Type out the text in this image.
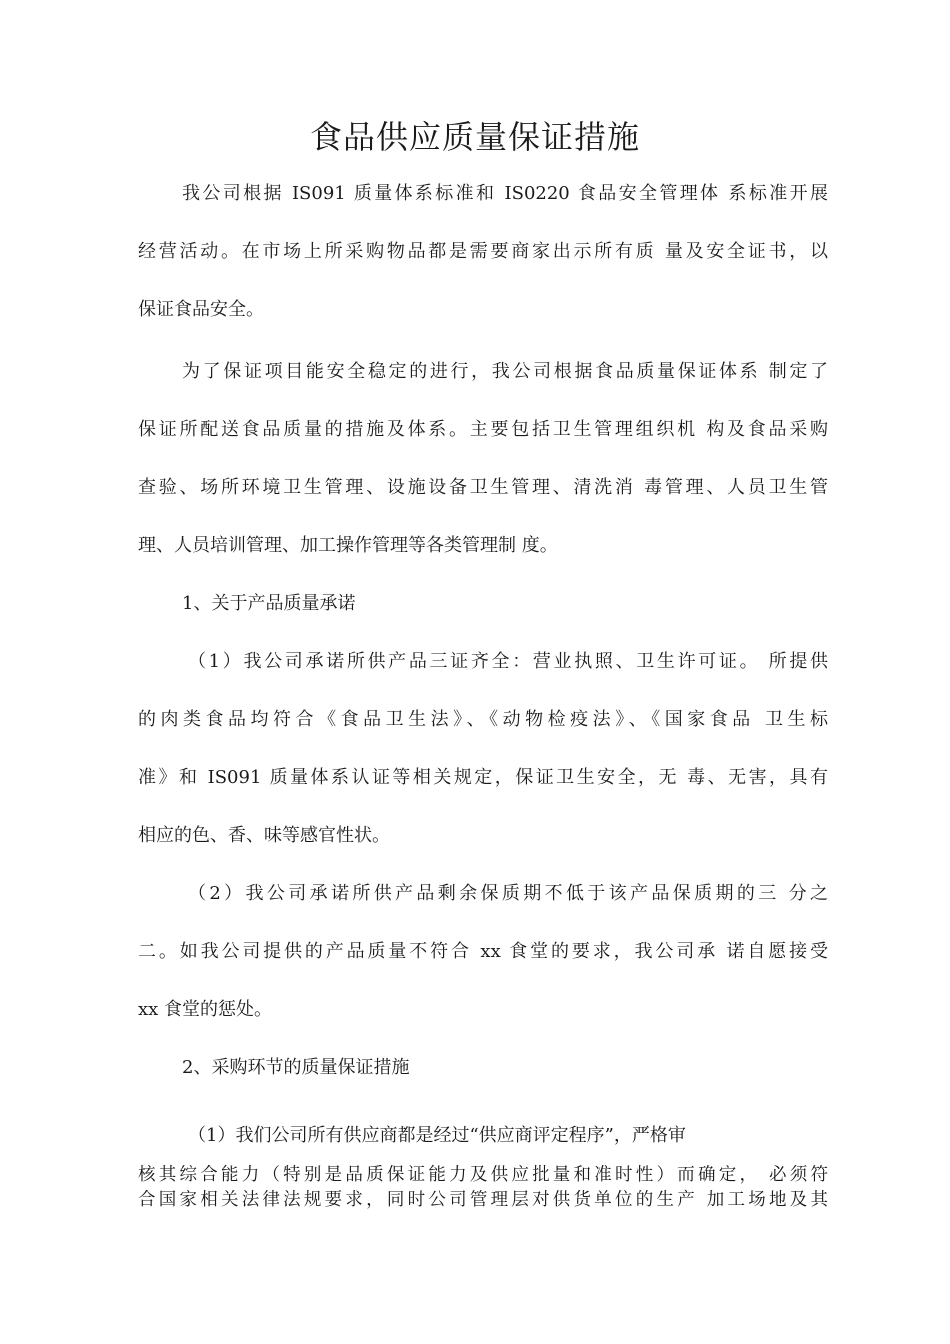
食品供应质量保证措施
我公司根据 IS091 质量体系标准和 IS0220 食品安全管理体 系标准开展
经营活动。在市场上所采购物品都是需要商家出示所有质 量及安全证书，以
保证食品安全。
为了保证项目能安全稳定的进行，我公司根据食品质量保证体系 制定了
保证所配送食品质量的措施及体系。主要包括卫生管理组织机 构及食品采购
查验、场所环境卫生管理、设施设备卫生管理、清洗消 毒管理、人员卫生管
理、人员培训管理、加工操作管理等各类管理制 度。
1、关于产品质量承诺
（1）我公司承诺所供产品三证齐全：营业执照、卫生许可证。 所提供
的肉类食品均符合《食品卫生法》、《动物检疫法》、《国家食品 卫生标
准》和 IS091 质量体系认证等相关规定，保证卫生安全，无 毒、无害，具有
相应的色、香、味等感官性状。
（2）我公司承诺所供产品剩余保质期不低于该产品保质期的三 分之
二。如我公司提供的产品质量不符合 xx 食堂的要求，我公司承 诺自愿接受
xx 食堂的惩处。
2、采购环节的质量保证措施
（1）我们公司所有供应商都是经过“供应商评定程序”，严格审
核其综合能力（特别是品质保证能力及供应批量和准时性）而确定， 必须符
合国家相关法律法规要求，同时公司管理层对供货单位的生产 加工场地及其
